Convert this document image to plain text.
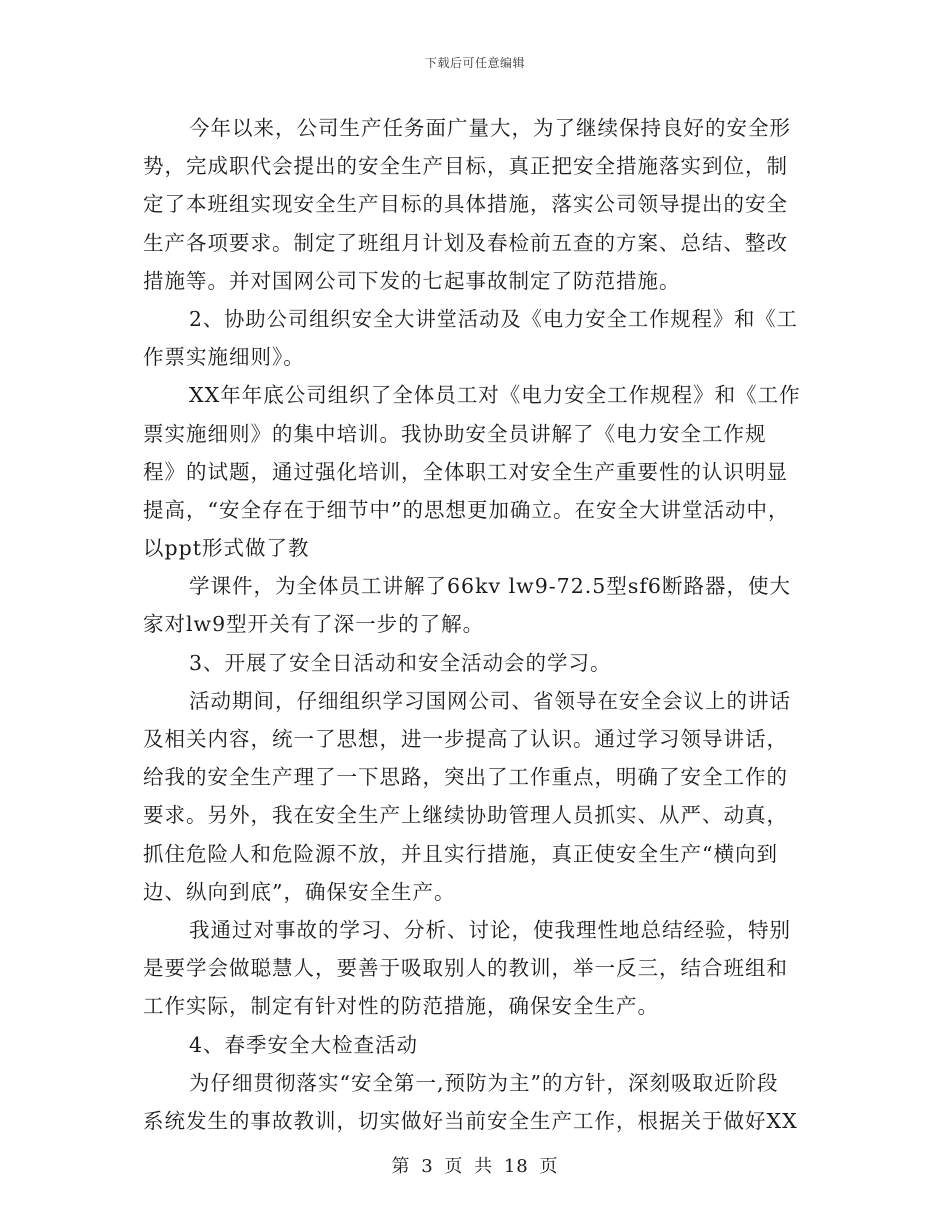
下载后可任意编辑
今年以来，公司生产任务面广量大，为了继续保持良好的安全形
势，完成职代会提出的安全生产目标，真正把安全措施落实到位，制
定了本班组实现安全生产目标的具体措施，落实公司领导提出的安全
生产各项要求。制定了班组月计划及春检前五查的方案、总结、整改
措施等。并对国网公司下发的七起事故制定了防范措施。
2、协助公司组织安全大讲堂活动及《电力安全工作规程》和《工
作票实施细则》。
XX年年底公司组织了全体员工对《电力安全工作规程》和《工作
票实施细则》的集中培训。我协助安全员讲解了《电力安全工作规
程》的试题，通过强化培训，全体职工对安全生产重要性的认识明显
提高，“安全存在于细节中”的思想更加确立。在安全大讲堂活动中，
以ppt形式做了教
学课件，为全体员工讲解了66kv lw9-72.5型sf6断路器，使大
家对lw9型开关有了深一步的了解。
3、开展了安全日活动和安全活动会的学习。
活动期间，仔细组织学习国网公司、省领导在安全会议上的讲话
及相关内容，统一了思想，进一步提高了认识。通过学习领导讲话，
给我的安全生产理了一下思路，突出了工作重点，明确了安全工作的
要求。另外，我在安全生产上继续协助管理人员抓实、从严、动真，
抓住危险人和危险源不放，并且实行措施，真正使安全生产“横向到
边、纵向到底”，确保安全生产。
我通过对事故的学习、分析、讨论，使我理性地总结经验，特别
是要学会做聪慧人，要善于吸取别人的教训，举一反三，结合班组和
工作实际，制定有针对性的防范措施，确保安全生产。
4、春季安全大检查活动
为仔细贯彻落实“安全第一,预防为主”的方针，深刻吸取近阶段
系统发生的事故教训，切实做好当前安全生产工作，根据关于做好XX
第 3 页 共 18 页
